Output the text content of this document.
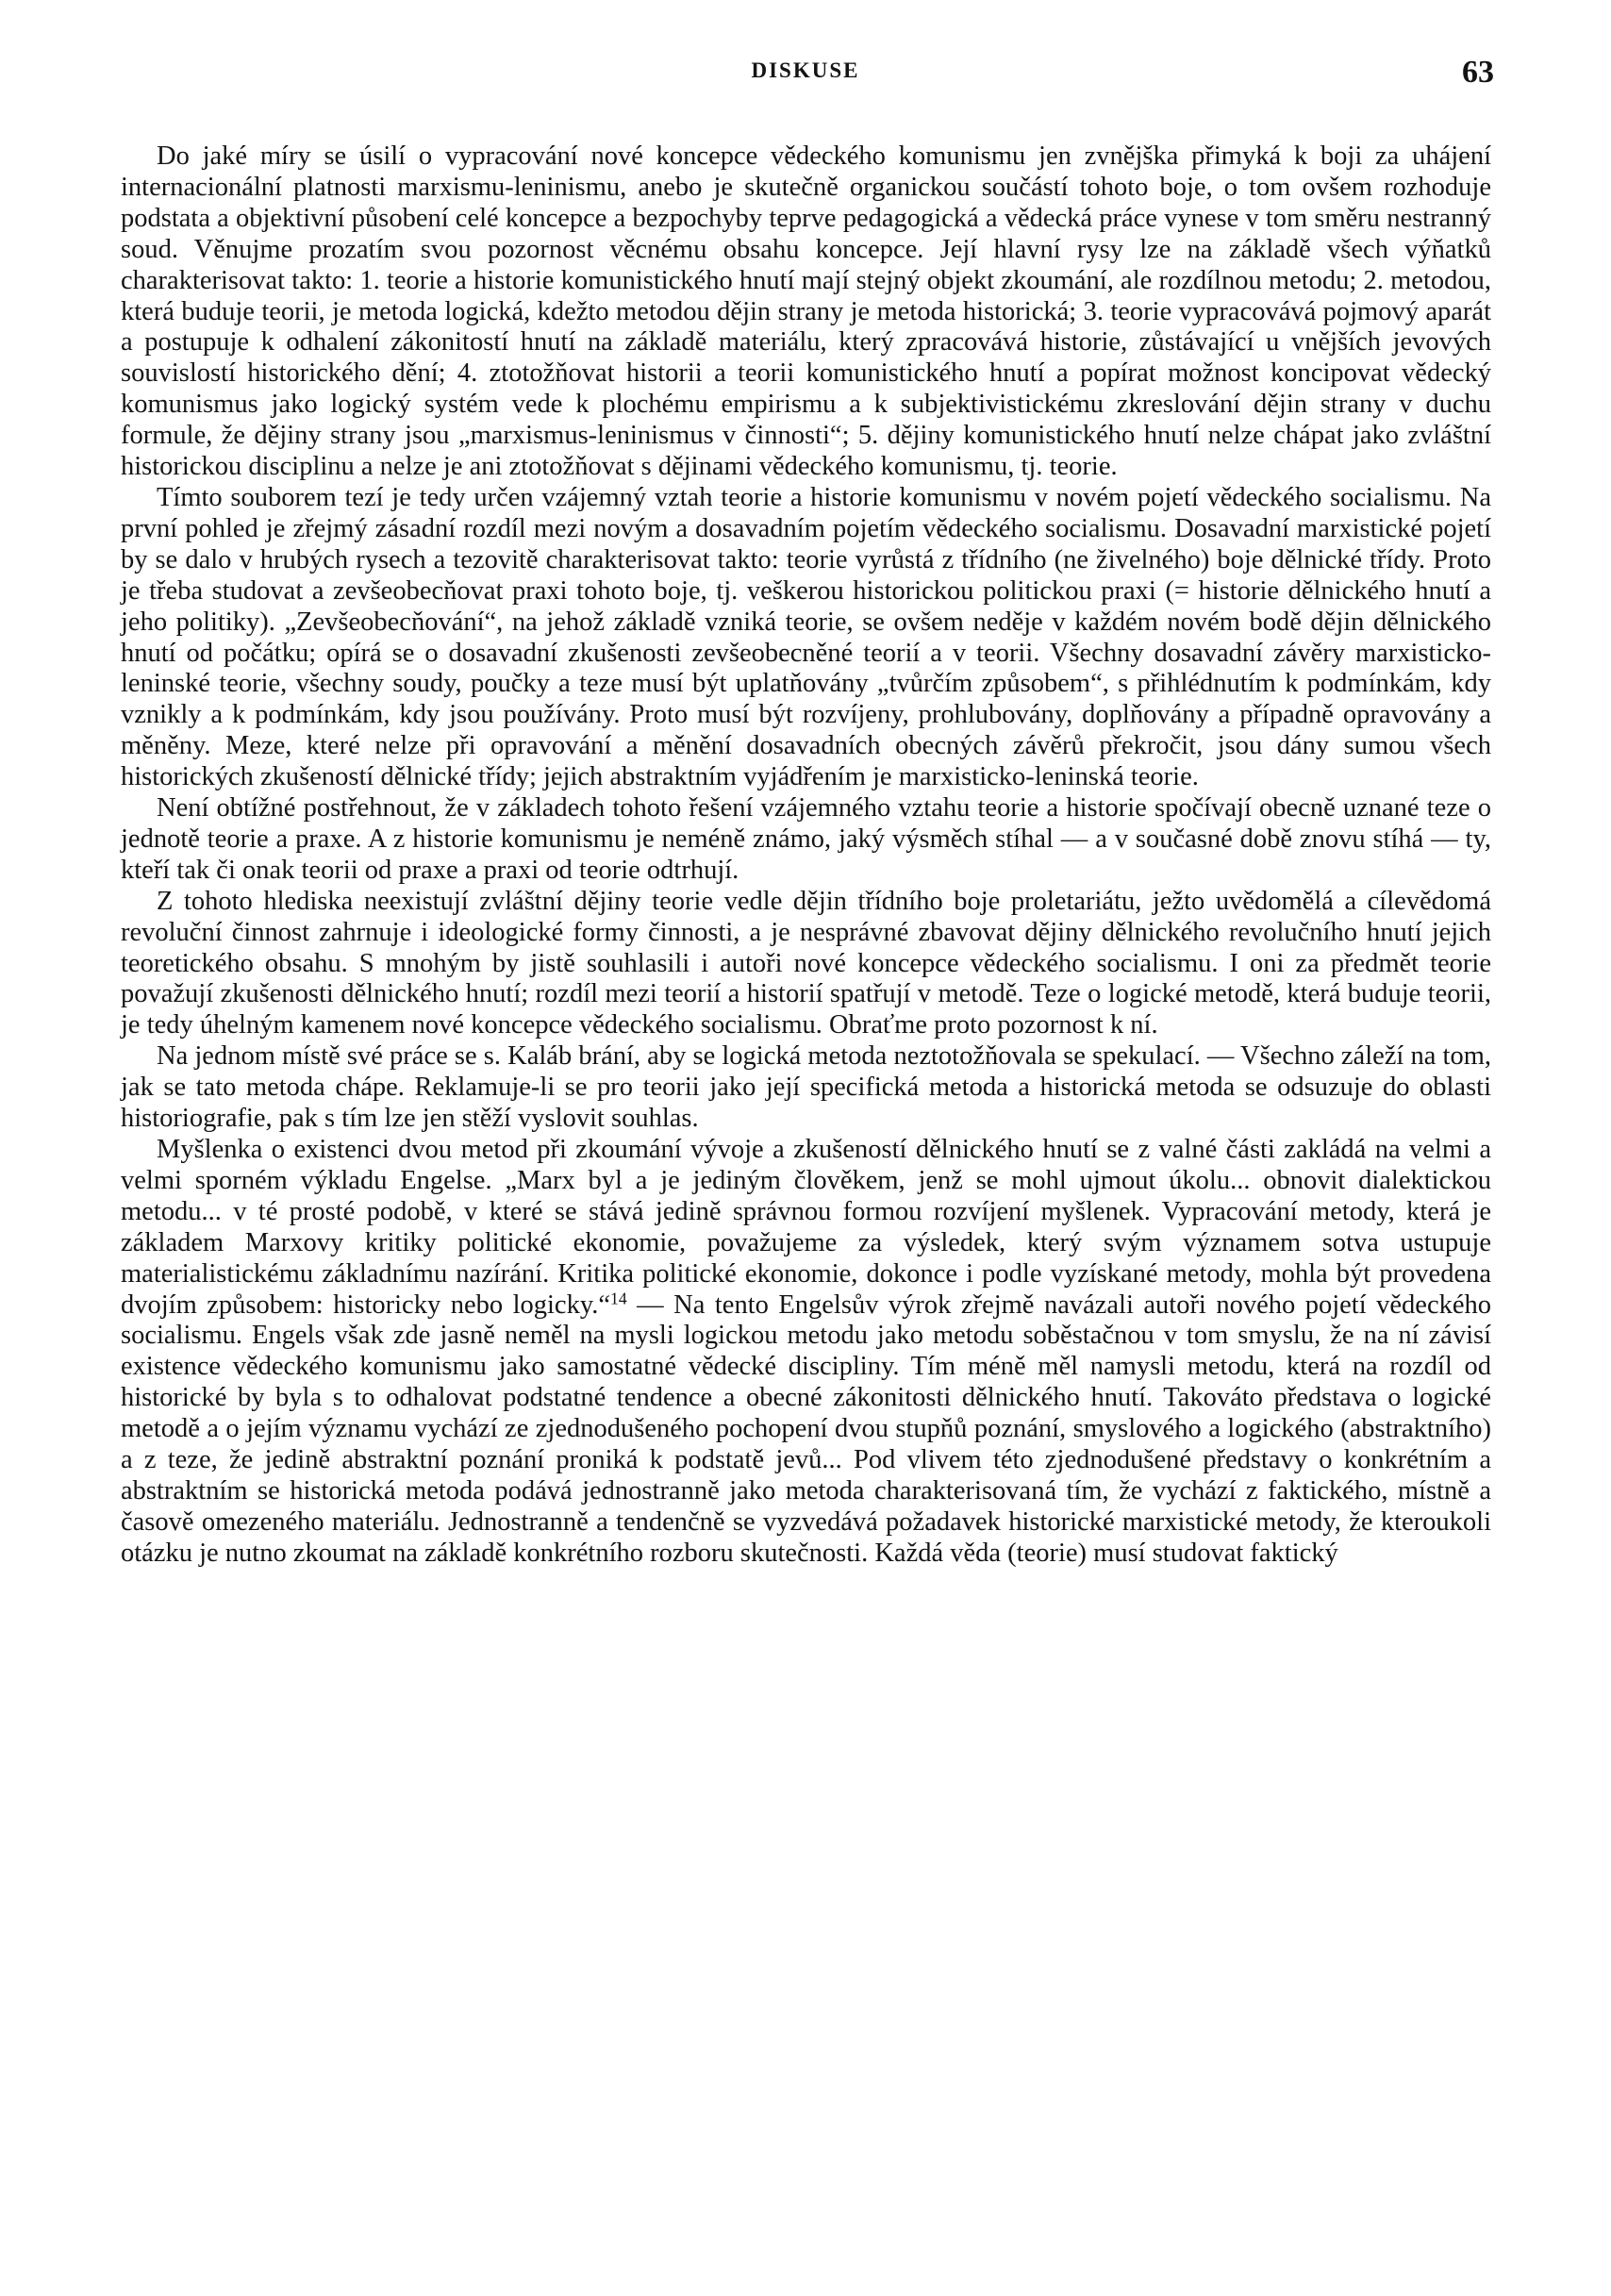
DISKUSE	63

Do jaké míry se úsilí o vypracování nové koncepce vědeckého komunismu jen zvnějška přimyká k boji za uhájení internacionální platnosti marxismu-leninismu, anebo je skutečně organickou součástí tohoto boje, o tom ovšem rozhoduje podstata a objektivní působení celé koncepce a bezpochyby teprve pedagogická a vědecká práce vynese v tom směru nestranný soud. Věnujme prozatím svou pozornost věcnému obsahu koncepce. Její hlavní rysy lze na základě všech výňatků charakterisovat takto: 1. teorie a historie komunistického hnutí mají stejný objekt zkoumání, ale rozdílnou metodu; 2. metodou, která buduje teorii, je metoda logická, kdežto metodou dějin strany je metoda historická; 3. teorie vypracovává pojmový aparát a postupuje k odhalení zákonitostí hnutí na základě materiálu, který zpracovává historie, zůstávající u vnějších jevových souvislostí historického dění; 4. ztotožňovat historii a teorii komunistického hnutí a popírat možnost koncipovat vědecký komunismus jako logický systém vede k plochému empirismu a k subjektivistickému zkreslování dějin strany v duchu formule, že dějiny strany jsou „marxismus-leninismus v činnosti“; 5. dějiny komunistického hnutí nelze chápat jako zvláštní historickou disciplinu a nelze je ani ztotožňovat s dějinami vědeckého komunismu, tj. teorie.

Tímto souborem tezí je tedy určen vzájemný vztah teorie a historie komunismu v novém pojetí vědeckého socialismu. Na první pohled je zřejmý zásadní rozdíl mezi novým a dosavadním pojetím vědeckého socialismu. Dosavadní marxistické pojetí by se dalo v hrubých rysech a tezovitě charakterisovat takto: teorie vyrůstá z třídního (ne živelného) boje dělnické třídy. Proto je třeba studovat a zevšeobecňovat praxi tohoto boje, tj. veškerou historickou politickou praxi (= historie dělnického hnutí a jeho politiky). „Zevšeobecňování“, na jehož základě vzniká teorie, se ovšem neděje v každém novém bodě dějin dělnického hnutí od počátku; opírá se o dosavadní zkušenosti zevšeobecněné teorií a v teorii. Všechny dosavadní závěry marxisticko-leninské teorie, všechny soudy, poučky a teze musí být uplatňovány „tvůrčím způsobem“, s přihlédnutím k podmínkám, kdy vznikly a k podmínkám, kdy jsou používány. Proto musí být rozvíjeny, prohlubovány, doplňovány a případně opravovány a měněny. Meze, které nelze při opravování a měnění dosavadních obecných závěrů překročit, jsou dány sumou všech historických zkušeností dělnické třídy; jejich abstraktním vyjádřením je marxisticko-leninská teorie.

Není obtížné postřehnout, že v základech tohoto řešení vzájemného vztahu teorie a historie spočívají obecně uznané teze o jednotě teorie a praxe. A z historie komunismu je neméně známo, jaký výsměch stíhal — a v současné době znovu stíhá — ty, kteří tak či onak teorii od praxe a praxi od teorie odtrhují.

Z tohoto hlediska neexistují zvláštní dějiny teorie vedle dějin třídního boje proletariátu, ježto uvědomělá a cílevědomá revoluční činnost zahrnuje i ideologické formy činnosti, a je nesprávné zbavovat dějiny dělnického revolučního hnutí jejich teoretického obsahu. S mnohým by jistě souhlasili i autoři nové koncepce vědeckého socialismu. I oni za předmět teorie považují zkušenosti dělnického hnutí; rozdíl mezi teorií a historií spatřují v metodě. Teze o logické metodě, která buduje teorii, je tedy úhelným kamenem nové koncepce vědeckého socialismu. Obraťme proto pozornost k ní.

Na jednom místě své práce se s. Kaláb brání, aby se logická metoda neztotožňovala se spekulací. — Všechno záleží na tom, jak se tato metoda chápe. Reklamuje-li se pro teorii jako její specifická metoda a historická metoda se odsuzuje do oblasti historiografie, pak s tím lze jen stěží vyslovit souhlas.

Myšlenka o existenci dvou metod při zkoumání vývoje a zkušeností dělnického hnutí se z valné části zakládá na velmi a velmi sporném výkladu Engelse. „Marx byl a je jediným člověkem, jenž se mohl ujmout úkolu... obnovit dialektickou metodu... v té prosté podobě, v které se stává jedině správnou formou rozvíjení myšlenek. Vypracování metody, která je základem Marxovy kritiky politické ekonomie, považujeme za výsledek, který svým významem sotva ustupuje materialistickému základnímu nazírání. Kritika politické ekonomie, dokonce i podle vyzískané metody, mohla být provedena dvojím způsobem: historicky nebo logicky.“$^{14}$ — Na tento Engelsův výrok zřejmě navázali autoři nového pojetí vědeckého socialismu. Engels však zde jasně neměl na mysli logickou metodu jako metodu soběstačnou v tom smyslu, že na ní závisí existence vědeckého komunismu jako samostatné vědecké discipliny. Tím méně měl namysli metodu, která na rozdíl od historické by byla s to odhalovat podstatné tendence a obecné zákonitosti dělnického hnutí. Takováto představa o logické metodě a o jejím významu vychází ze zjednodušeného pochopení dvou stupňů poznání, smyslového a logického (abstraktního) a z teze, že jedině abstraktní poznání proniká k podstatě jevů... Pod vlivem této zjednodušené představy o konkrétním a abstraktním se historická metoda podává jednostranně jako metoda charakterisovaná tím, že vychází z faktického, místně a časově omezeného materiálu. Jednostranně a tendenčně se vyzvedává požadavek historické marxistické metody, že kteroukoli otázku je nutno zkoumat na základě konkrétního rozboru skutečnosti. Každá věda (teorie) musí studovat faktický
